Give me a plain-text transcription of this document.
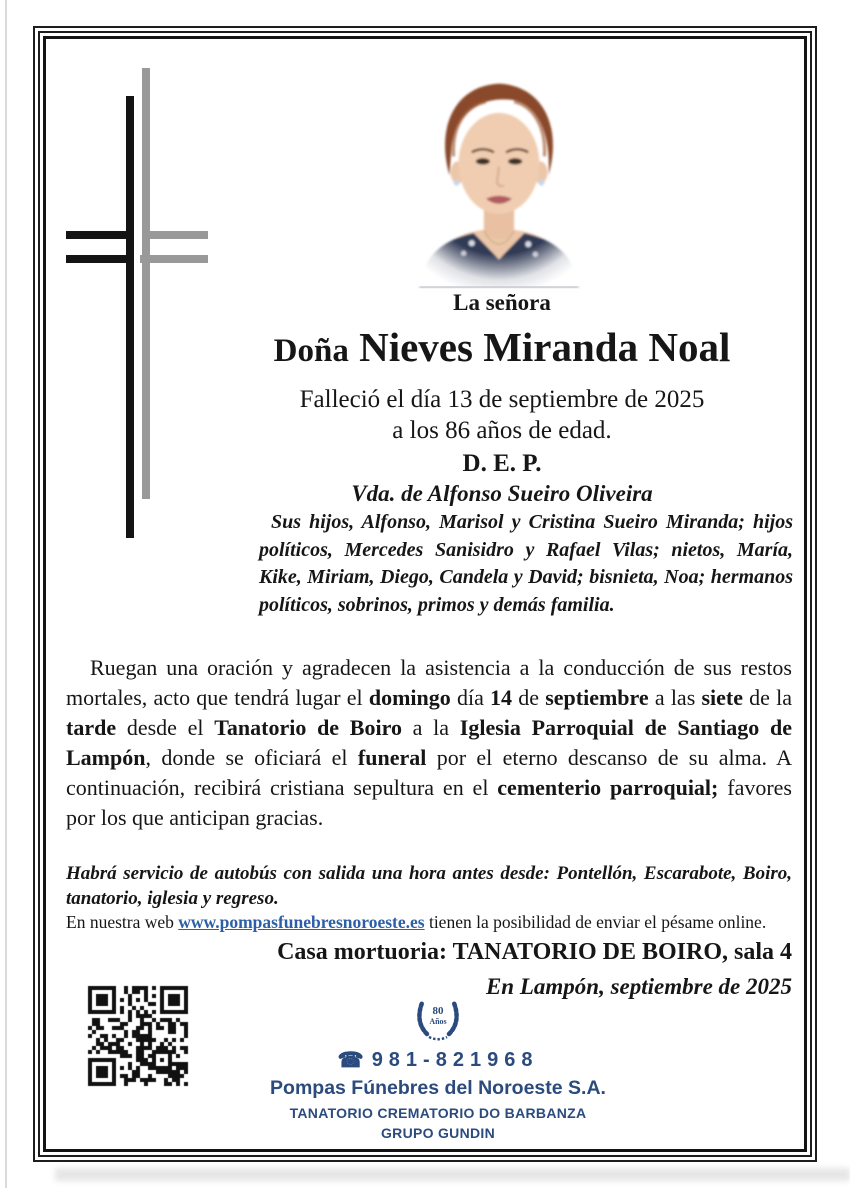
La señora
Doña Nieves Miranda Noal
Falleció el día 13 de septiembre de 2025
a los 86 años de edad.
D. E. P.
Vda. de Alfonso Sueiro Oliveira
Sus hijos, Alfonso, Marisol y Cristina Sueiro Miranda; hijos políticos, Mercedes Sanisidro y Rafael Vilas; nietos, María, Kike, Miriam, Diego, Candela y David; bisnieta, Noa; hermanos políticos, sobrinos, primos y demás familia.
Ruegan una oración y agradecen la asistencia a la conducción de sus restos mortales, acto que tendrá lugar el domingo día 14 de septiembre a las siete de la tarde desde el Tanatorio de Boiro a la Iglesia Parroquial de Santiago de Lampón, donde se oficiará el funeral por el eterno descanso de su alma. A continuación, recibirá cristiana sepultura en el cementerio parroquial; favores por los que anticipan gracias.
Habrá servicio de autobús con salida una hora antes desde: Pontellón, Escarabote, Boiro, tanatorio, iglesia y regreso.
En nuestra web www.pompasfunebresnoroeste.es tienen la posibilidad de enviar el pésame online.
Casa mortuoria: TANATORIO DE BOIRO, sala 4
En Lampón, septiembre de 2025
80
Años
☎ 981-821968
Pompas Fúnebres del Noroeste S.A.
TANATORIO CREMATORIO DO BARBANZA
GRUPO GUNDIN
